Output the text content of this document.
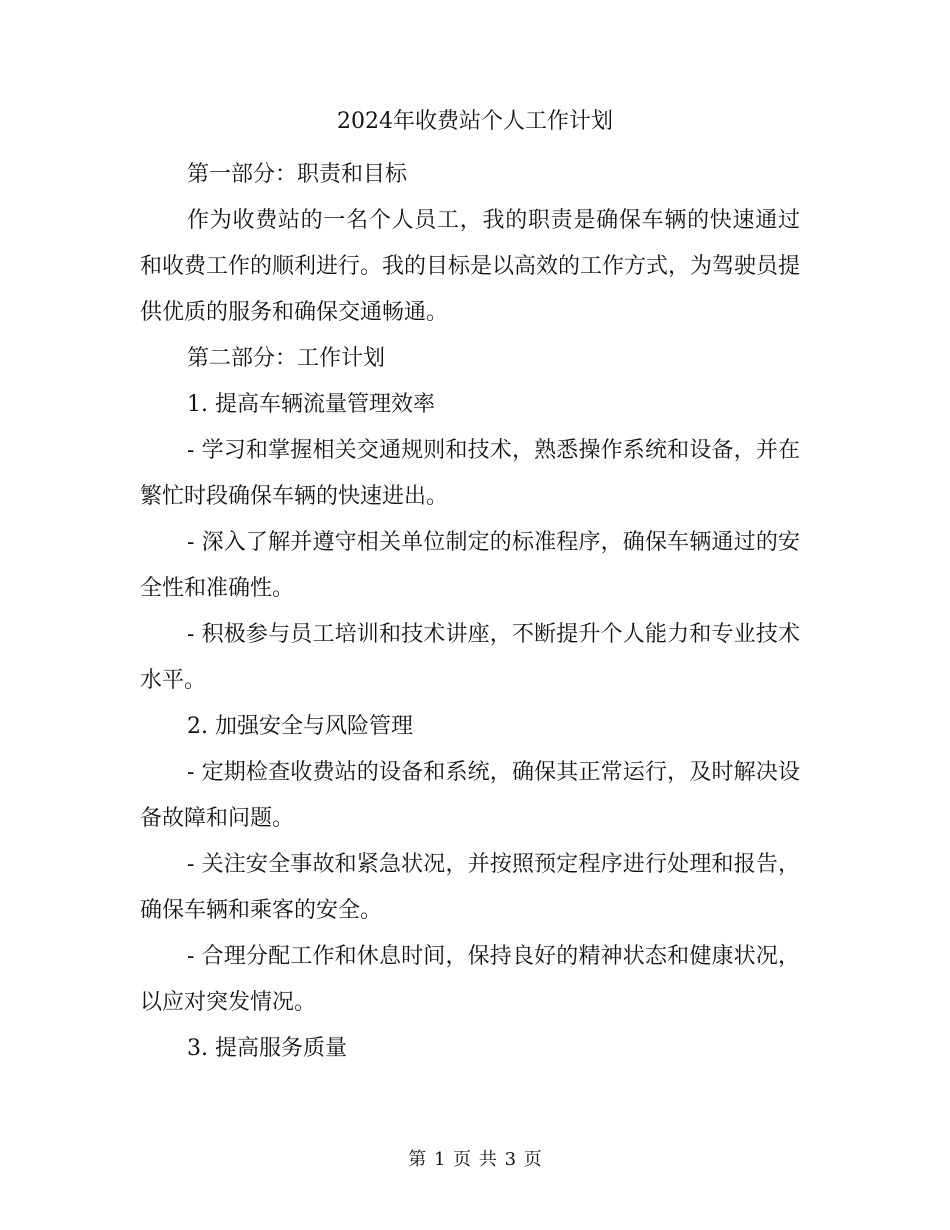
2024年收费站个人工作计划

第一部分：职责和目标

作为收费站的一名个人员工，我的职责是确保车辆的快速通过和收费工作的顺利进行。我的目标是以高效的工作方式，为驾驶员提供优质的服务和确保交通畅通。

第二部分：工作计划

1. 提高车辆流量管理效率

- 学习和掌握相关交通规则和技术，熟悉操作系统和设备，并在繁忙时段确保车辆的快速进出。

- 深入了解并遵守相关单位制定的标准程序，确保车辆通过的安全性和准确性。

- 积极参与员工培训和技术讲座，不断提升个人能力和专业技术水平。

2. 加强安全与风险管理

- 定期检查收费站的设备和系统，确保其正常运行，及时解决设备故障和问题。

- 关注安全事故和紧急状况，并按照预定程序进行处理和报告，确保车辆和乘客的安全。

- 合理分配工作和休息时间，保持良好的精神状态和健康状况，以应对突发情况。

3. 提高服务质量

第 1 页 共 3 页
